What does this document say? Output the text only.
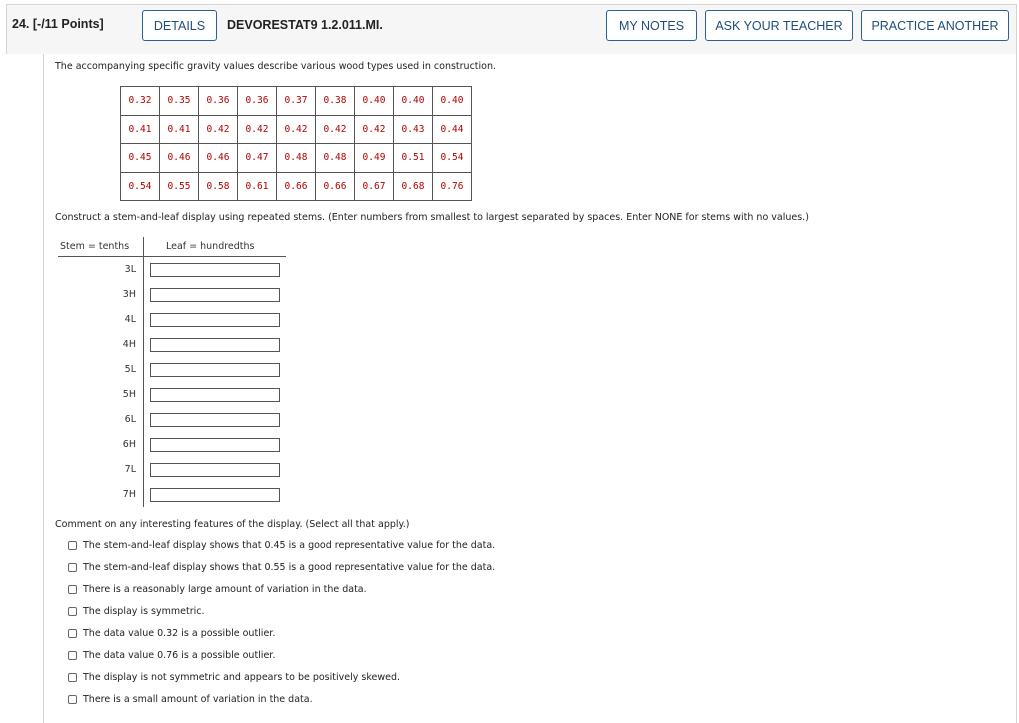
24. [-/11 Points]	DETAILS	DEVORESTAT9 1.2.011.MI.	MY NOTES	ASK YOUR TEACHER	PRACTICE ANOTHER
The accompanying specific gravity values describe various wood types used in construction.
0.32	0.35	0.36	0.36	0.37	0.38	0.40	0.40	0.40
0.41	0.41	0.42	0.42	0.42	0.42	0.42	0.43	0.44
0.45	0.46	0.46	0.47	0.48	0.48	0.49	0.51	0.54
0.54	0.55	0.58	0.61	0.66	0.66	0.67	0.68	0.76
Construct a stem-and-leaf display using repeated stems. (Enter numbers from smallest to largest separated by spaces. Enter NONE for stems with no values.)
Stem = tenths	Leaf = hundredths
3L
3H
4L
4H
5L
5H
6L
6H
7L
7H
Comment on any interesting features of the display. (Select all that apply.)
The stem-and-leaf display shows that 0.45 is a good representative value for the data.
The stem-and-leaf display shows that 0.55 is a good representative value for the data.
There is a reasonably large amount of variation in the data.
The display is symmetric.
The data value 0.32 is a possible outlier.
The data value 0.76 is a possible outlier.
The display is not symmetric and appears to be positively skewed.
There is a small amount of variation in the data.
